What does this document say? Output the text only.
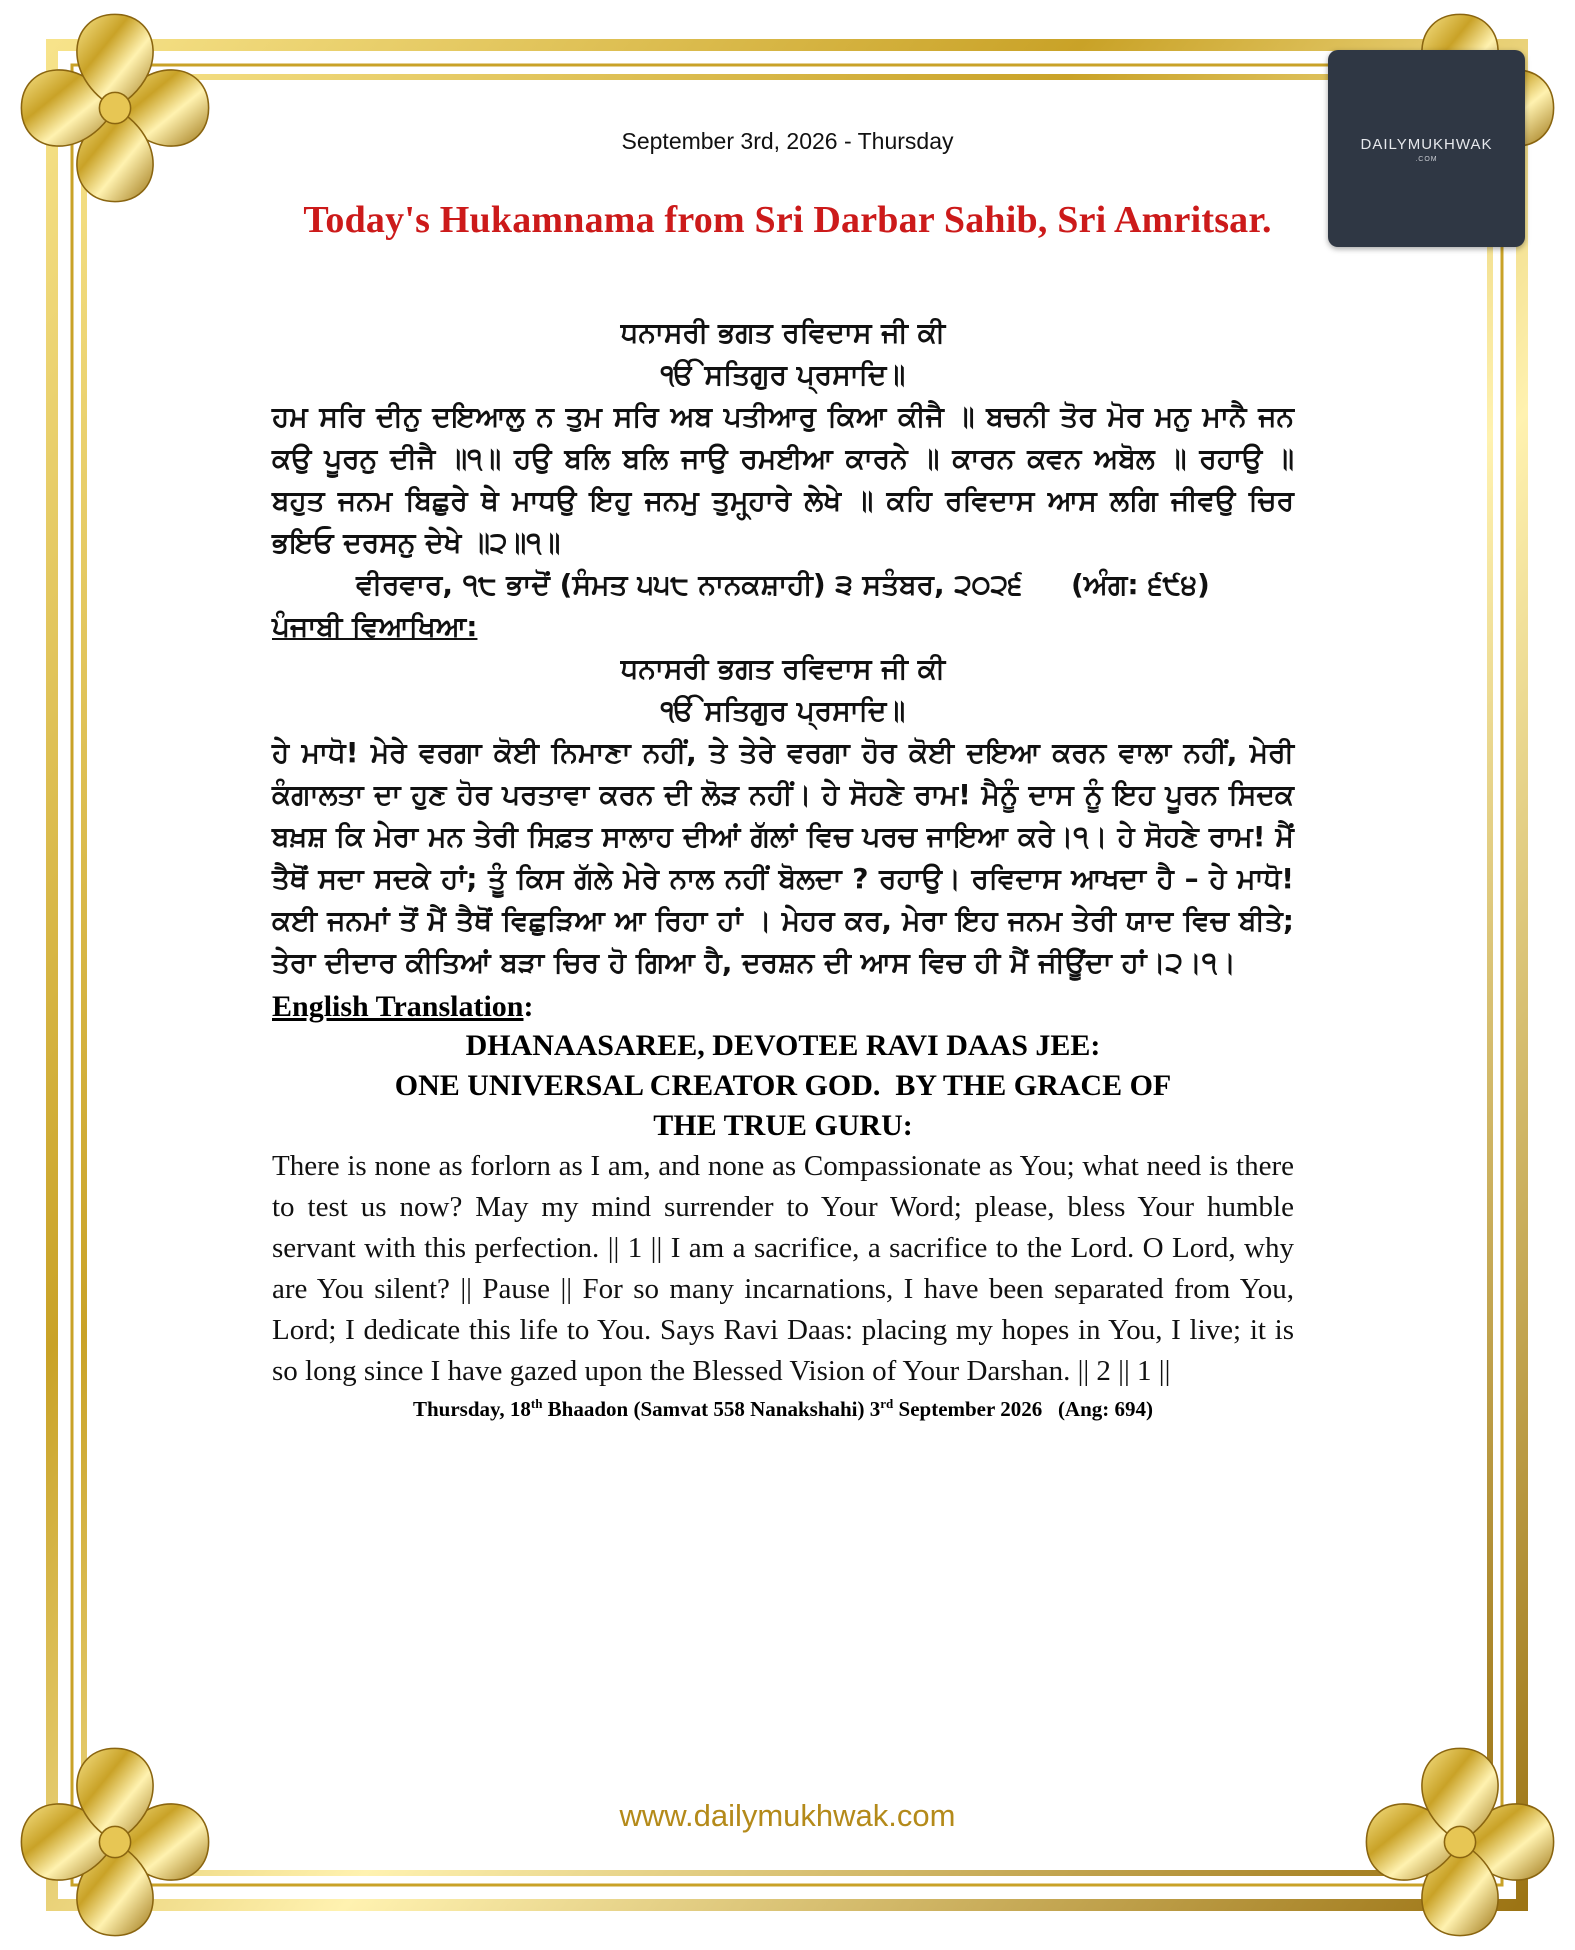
DAILYMUKHWAK
.COM
September 3rd, 2026 - Thursday
Today's Hukamnama from Sri Darbar Sahib, Sri Amritsar.
ਧਨਾਸਰੀ ਭਗਤ ਰਵਿਦਾਸ ਜੀ ਕੀ
ੴ ਸਤਿਗੁਰ ਪ੍ਰਸਾਦਿ॥
ਹਮ ਸਰਿ ਦੀਨੁ ਦਇਆਲੁ ਨ ਤੁਮ ਸਰਿ ਅਬ ਪਤੀਆਰੁ ਕਿਆ ਕੀਜੈ ॥ ਬਚਨੀ ਤੋਰ ਮੋਰ ਮਨੁ ਮਾਨੈ ਜਨ ਕਉ ਪੂਰਨੁ ਦੀਜੈ ॥੧॥ ਹਉ ਬਲਿ ਬਲਿ ਜਾਉ ਰਮਈਆ ਕਾਰਨੇ ॥ ਕਾਰਨ ਕਵਨ ਅਬੋਲ ॥ ਰਹਾਉ ॥ ਬਹੁਤ ਜਨਮ ਬਿਛੁਰੇ ਥੇ ਮਾਧਉ ਇਹੁ ਜਨਮੁ ਤੁਮ੍ਹ੍ਹਾਰੇ ਲੇਖੇ ॥ ਕਹਿ ਰਵਿਦਾਸ ਆਸ ਲਗਿ ਜੀਵਉ ਚਿਰ ਭਇਓ ਦਰਸਨੁ ਦੇਖੇ ॥੨॥੧॥
ਵੀਰਵਾਰ, ੧੮ ਭਾਦੋਂ (ਸੰਮਤ ੫੫੮ ਨਾਨਕਸ਼ਾਹੀ) ੩ ਸਤੰਬਰ, ੨੦੨੬     (ਅੰਗ: ੬੯੪)
ਪੰਜਾਬੀ ਵਿਆਖਿਆ:
ਧਨਾਸਰੀ ਭਗਤ ਰਵਿਦਾਸ ਜੀ ਕੀ
ੴ ਸਤਿਗੁਰ ਪ੍ਰਸਾਦਿ॥
ਹੇ ਮਾਧੋ! ਮੇਰੇ ਵਰਗਾ ਕੋਈ ਨਿਮਾਣਾ ਨਹੀਂ, ਤੇ ਤੇਰੇ ਵਰਗਾ ਹੋਰ ਕੋਈ ਦਇਆ ਕਰਨ ਵਾਲਾ ਨਹੀਂ, ਮੇਰੀ ਕੰਗਾਲਤਾ ਦਾ ਹੁਣ ਹੋਰ ਪਰਤਾਵਾ ਕਰਨ ਦੀ ਲੋੜ ਨਹੀਂ। ਹੇ ਸੋਹਣੇ ਰਾਮ! ਮੈਨੂੰ ਦਾਸ ਨੂੰ ਇਹ ਪੂਰਨ ਸਿਦਕ ਬਖ਼ਸ਼ ਕਿ ਮੇਰਾ ਮਨ ਤੇਰੀ ਸਿਫ਼ਤ ਸਾਲਾਹ ਦੀਆਂ ਗੱਲਾਂ ਵਿਚ ਪਰਚ ਜਾਇਆ ਕਰੇ।੧। ਹੇ ਸੋਹਣੇ ਰਾਮ! ਮੈਂ ਤੈਥੋਂ ਸਦਾ ਸਦਕੇ ਹਾਂ; ਤੂੰ ਕਿਸ ਗੱਲੇ ਮੇਰੇ ਨਾਲ ਨਹੀਂ ਬੋਲਦਾ ? ਰਹਾਉ। ਰਵਿਦਾਸ ਆਖਦਾ ਹੈ – ਹੇ ਮਾਧੋ! ਕਈ ਜਨਮਾਂ ਤੋਂ ਮੈਂ ਤੈਥੋਂ ਵਿਛੁੜਿਆ ਆ ਰਿਹਾ ਹਾਂ । ਮੇਹਰ ਕਰ, ਮੇਰਾ ਇਹ ਜਨਮ ਤੇਰੀ ਯਾਦ ਵਿਚ ਬੀਤੇ; ਤੇਰਾ ਦੀਦਾਰ ਕੀਤਿਆਂ ਬੜਾ ਚਿਰ ਹੋ ਗਿਆ ਹੈ, ਦਰਸ਼ਨ ਦੀ ਆਸ ਵਿਚ ਹੀ ਮੈਂ ਜੀਊਂਦਾ ਹਾਂ।੨।੧।
English Translation:
DHANAASAREE, DEVOTEE RAVI DAAS JEE:
ONE UNIVERSAL CREATOR GOD.  BY THE GRACE OF
THE TRUE GURU:
There is none as forlorn as I am, and none as Compassionate as You; what need is there to test us now? May my mind surrender to Your Word; please, bless Your humble servant with this perfection. || 1 || I am a sacrifice, a sacrifice to the Lord. O Lord, why are You silent? || Pause || For so many incarnations, I have been separated from You, Lord; I dedicate this life to You. Says Ravi Daas: placing my hopes in You, I live; it is so long since I have gazed upon the Blessed Vision of Your Darshan. || 2 || 1 ||
Thursday, 18th Bhaadon (Samvat 558 Nanakshahi) 3rd September 2026   (Ang: 694)
www.dailymukhwak.com
